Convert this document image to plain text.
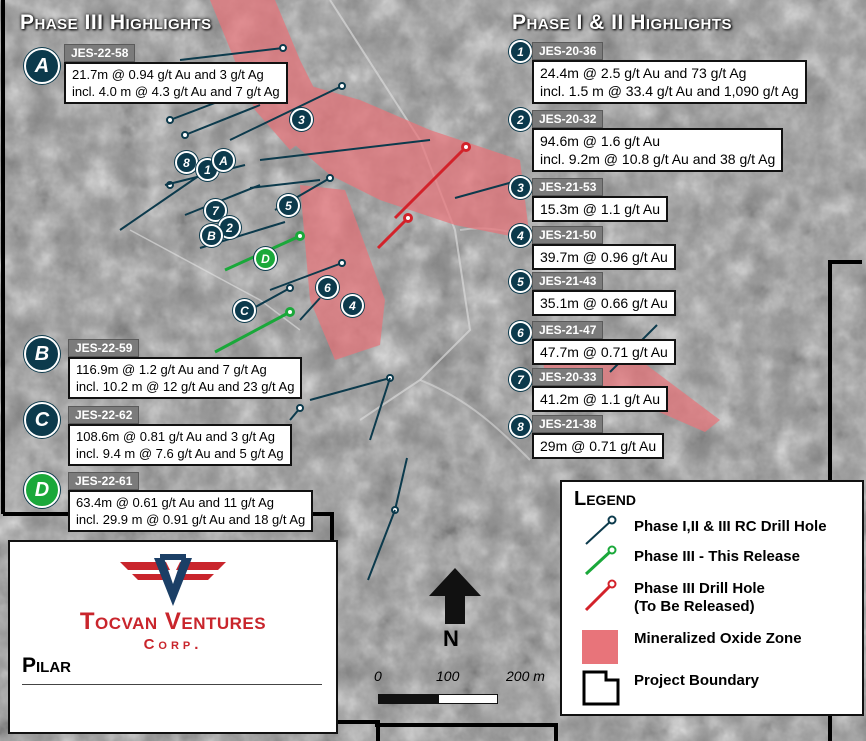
Phase III Highlights	Phase I & II Highlights
A
JES-22-58
21.7m @ 0.94 g/t Au and 3 g/t Ag
incl. 4.0 m @ 4.3 g/t Au and 7 g/t Ag
B	JES-22-59
116.9m @ 1.2 g/t Au and 7 g/t Ag
incl. 10.2 m @ 12 g/t Au and 23 g/t Ag
C	JES-22-62
108.6m @ 0.81 g/t Au and 3 g/t Ag
incl. 9.4 m @ 7.6 g/t Au and 5 g/t Ag
D	JES-22-61
63.4m @ 0.61 g/t Au and 11 g/t Ag
incl. 29.9 m @ 0.91 g/t Au and 18 g/t Ag
1	JES-20-36
24.4m @ 2.5 g/t Au and 73 g/t Ag
incl. 1.5 m @ 33.4 g/t Au and 1,090 g/t Ag
2	JES-20-32
94.6m @ 1.6 g/t Au
incl. 9.2m @ 10.8 g/t Au and 38 g/t Ag
3	JES-21-53
15.3m @ 1.1 g/t Au
4	JES-21-50
39.7m @ 0.96 g/t Au
5	JES-21-43
35.1m @ 0.66 g/t Au
6	JES-21-47
47.7m @ 0.71 g/t Au
7	JES-20-33
41.2m @ 1.1 g/t Au
8	JES-21-38
29m @ 0.71 g/t Au
8	1
A
3
7
2
B
5
D
6
4
C
Tocvan Ventures
Corp.
Pilar
N
0	100	200 m
Legend
Phase I,II & III RC Drill Hole
Phase III - This Release
Phase III Drill Hole
(To Be Released)
Mineralized Oxide Zone
Project Boundary
